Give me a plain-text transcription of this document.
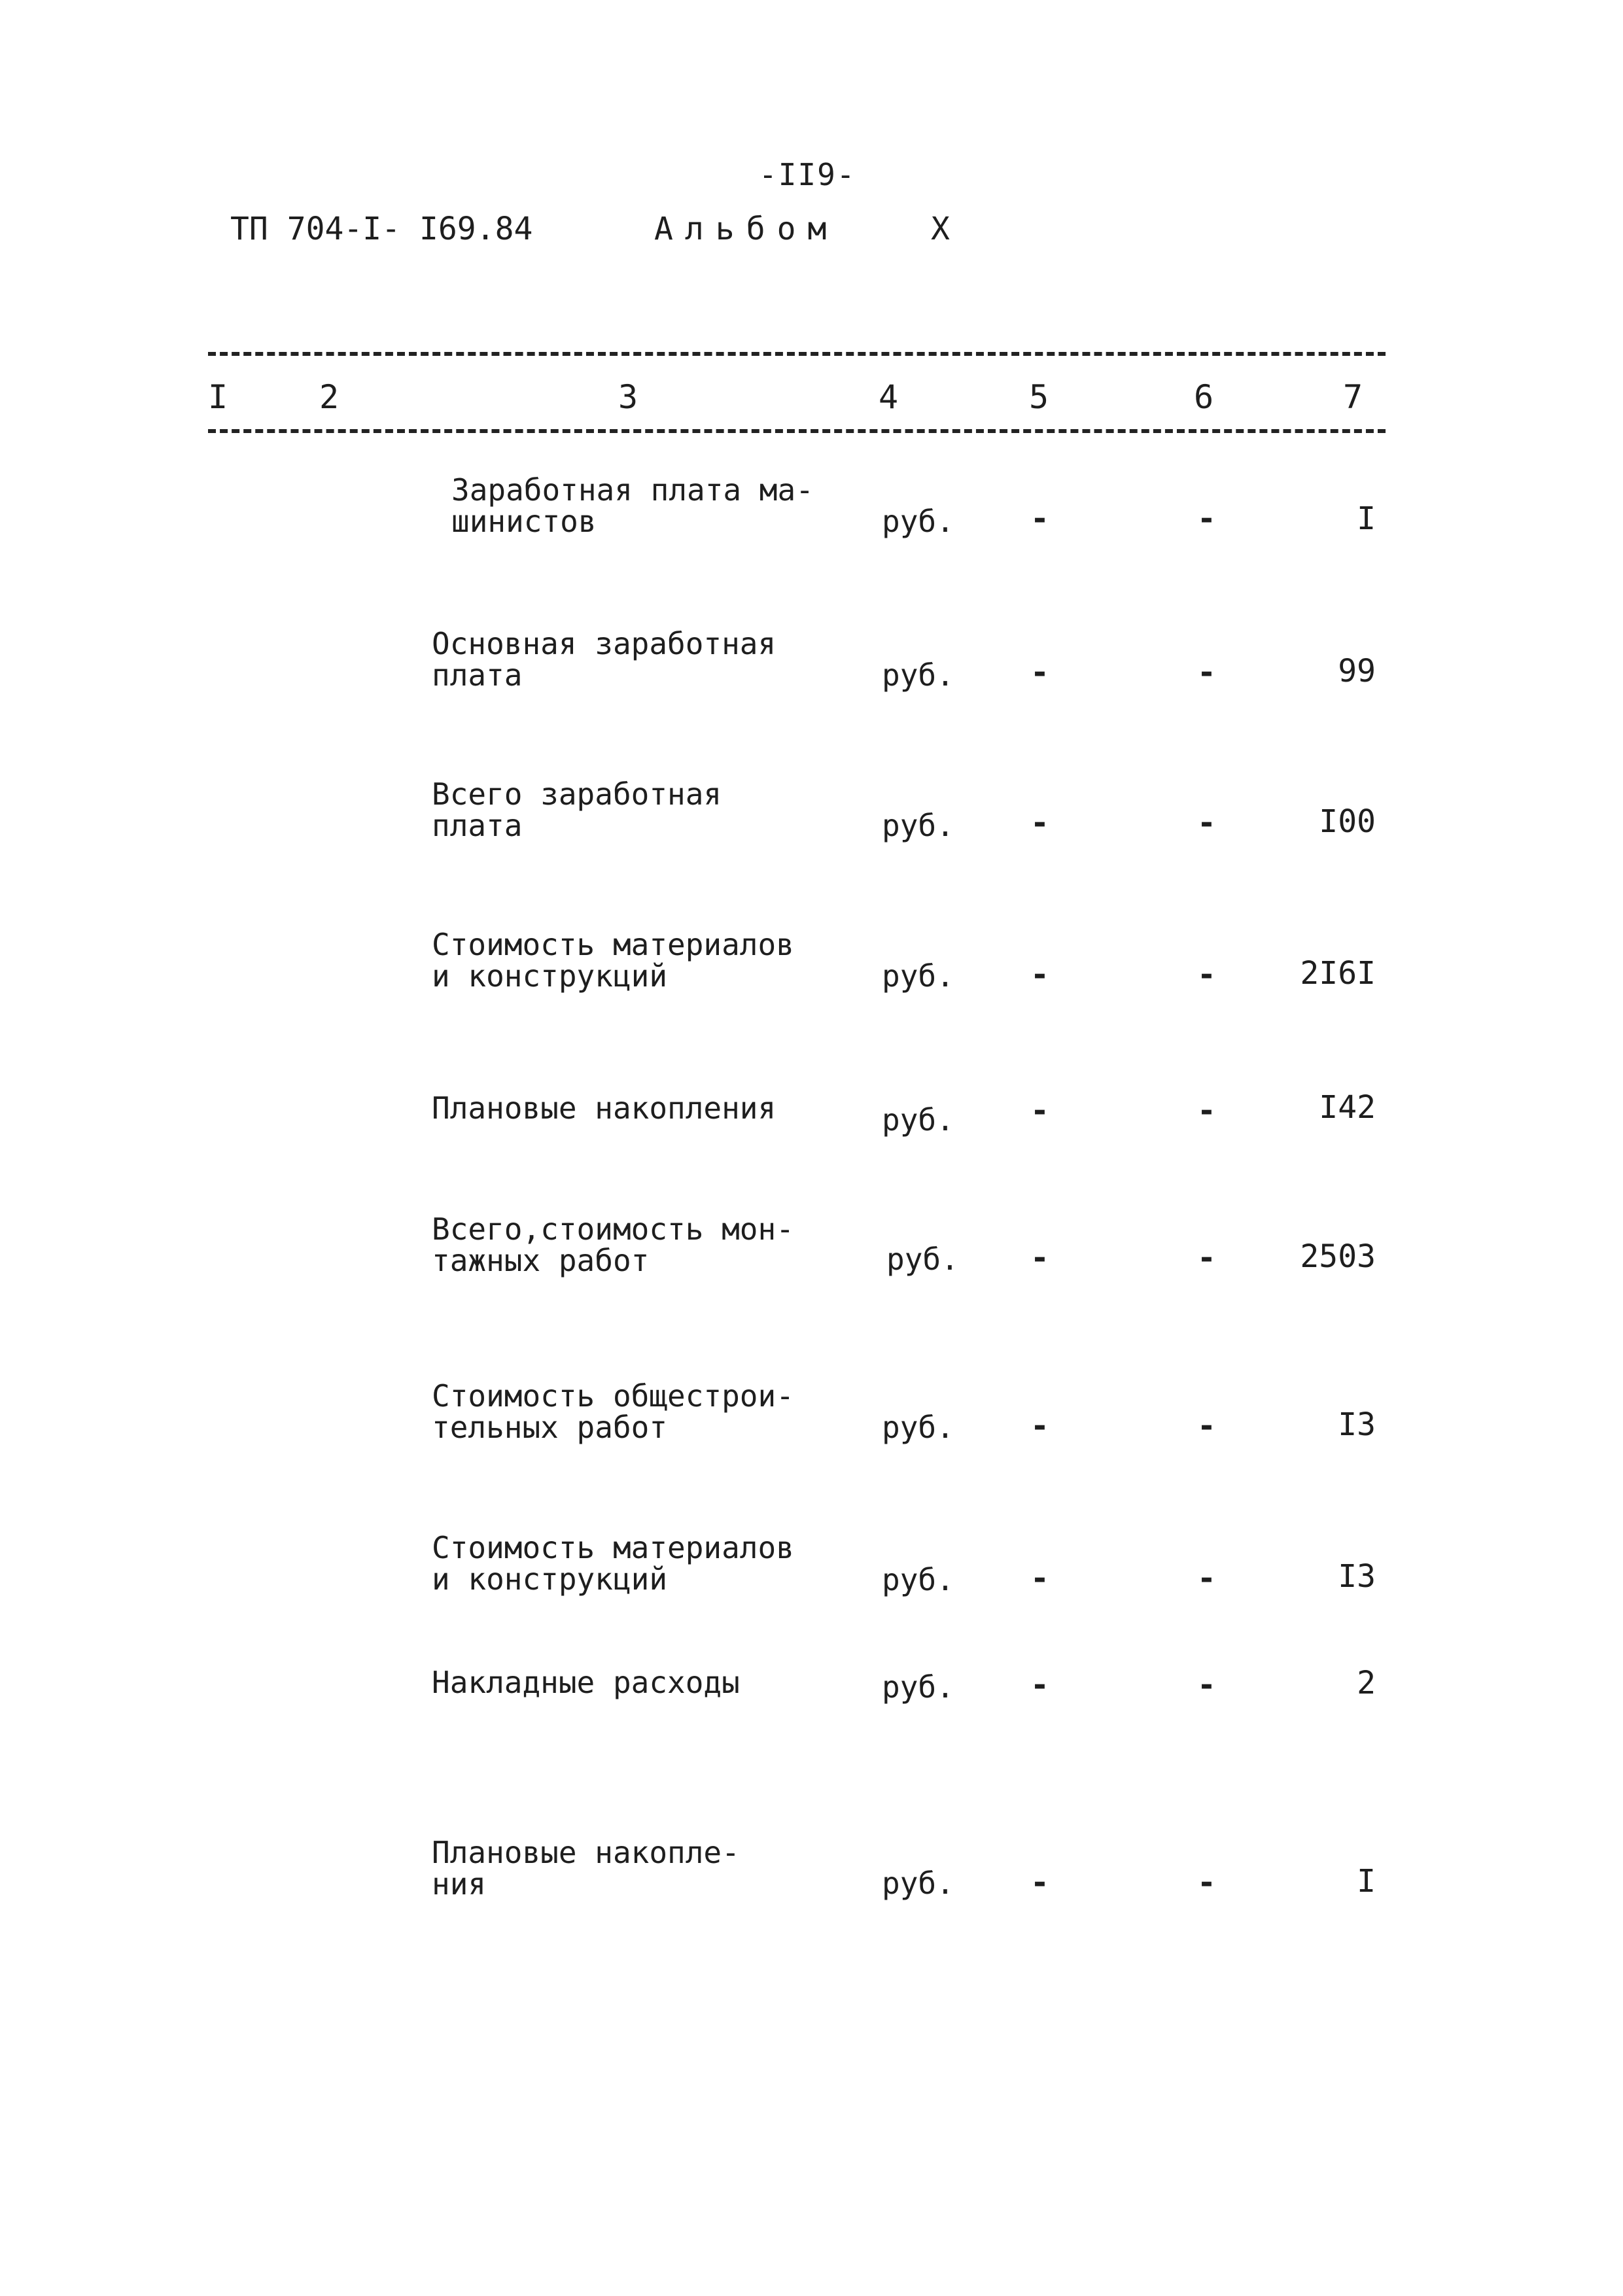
-II9-
ТП 704-I- I69.84	Альбом	X
I	2	3	4	5	6	7
Заработная плата ма-
шинистов	руб. -	-	I
Основная заработная
плата	руб. -	-	99
Всего заработная
плата	руб. -	-	I00
Стоимость материалов
и конструкций	руб. -	-	2I6I
Плановые накопления	руб. -	-	I42
Всего,стоимость мон-
тажных работ	руб. -	-	2503
Стоимость общестрои-
тельных работ	руб. -	-	I3
Стоимость материалов
и конструкций	руб. -	-	I3
Накладные расходы	руб. -	-	2
Плановые накопле-
ния	руб. -	-	I
